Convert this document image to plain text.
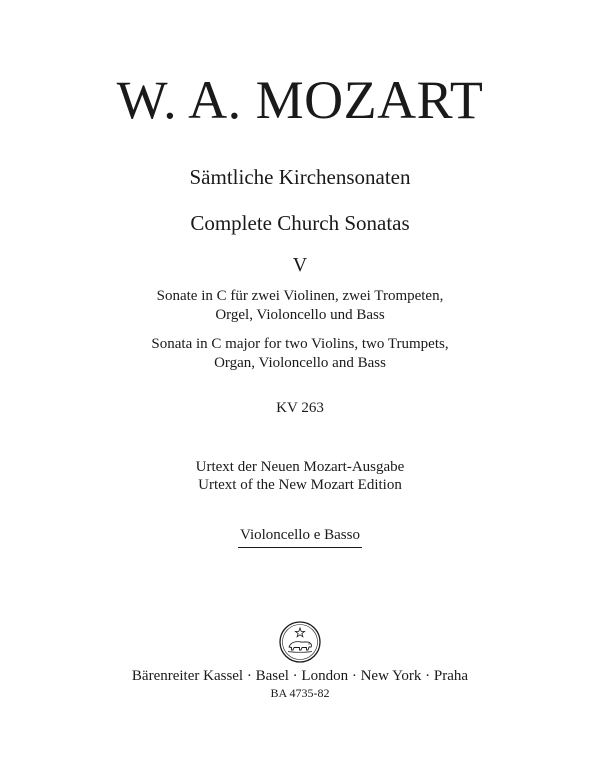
W. A. MOZART
Sämtliche Kirchensonaten
Complete Church Sonatas
V
Sonate in C für zwei Violinen, zwei Trompeten,
Orgel, Violoncello und Bass
Sonata in C major for two Violins, two Trumpets,
Organ, Violoncello and Bass
KV 263
Urtext der Neuen Mozart-Ausgabe
Urtext of the New Mozart Edition
Violoncello e Basso
Bärenreiter Kassel · Basel · London · New York · Praha
BA 4735-82
